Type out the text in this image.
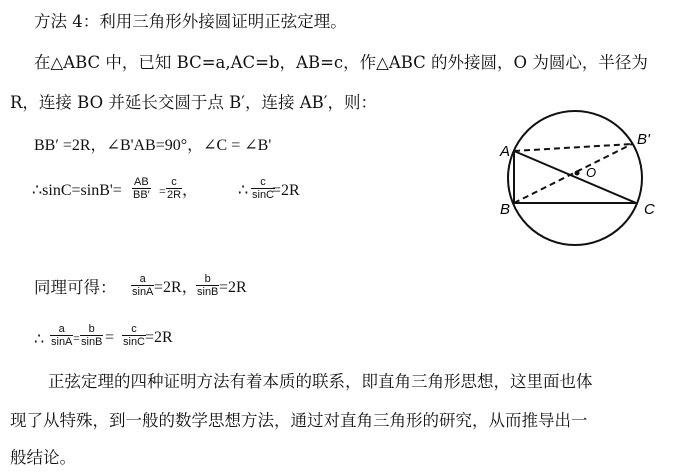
方法 4：利用三角形外接圆证明正弦定理。
在△ABC 中，已知 BC=a,AC=b，AB=c，作△ABC 的外接圆，O 为圆心，半径为
R，连接 BO 并延长交圆于点 B′，连接 AB′，则：
BB′ =2R，∠B'AB=90°，∠C = ∠B'
∴sinC=sinB'= $\frac{AB}{BB'} = \frac{c}{2R}$ ， ∴ $\frac{c}{\sin C}$
=2R
同理可得： $\frac{a}{\sin A} =2R$，
$\frac{b}{\sin B} =2R$
∴ $\frac{a}{\sin A} = \frac{b}{\sin B} = \frac{c}{\sin C}$
=2R
正弦定理的四种证明方法有着本质的联系，即直角三角形思想，这里面也体
现了从特殊，到一般的数学思想方法，通过对直角三角形的研究，从而推导出一
般结论。
A
B	C
B'
O
